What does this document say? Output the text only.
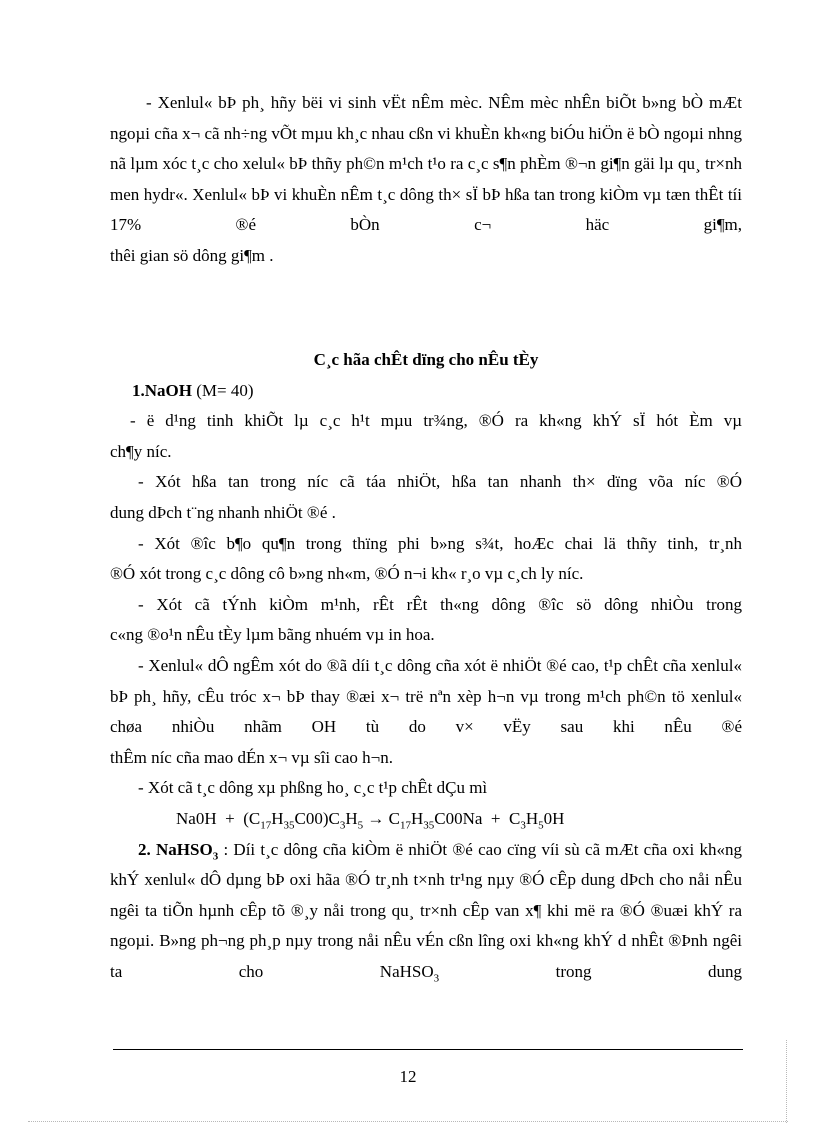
- Xenlul« bÞ ph¸ hñy bëi vi sinh vËt nÊm mèc. NÊm mèc nhÊn biÕt b»ng bÒ mÆt ngoµi cña x¬ cã nh÷ng vÕt mµu kh¸c nhau cßn vi khuÈn kh«ng biÓu hiÖn ë bÒ ngoµi nhng nã lµm xóc t¸c cho xelul« bÞ thñy ph©n m¹ch t¹o ra c¸c s¶n phÈm ®¬n gi¶n gäi lµ qu¸ tr×nh men hydr«. Xenlul« bÞ vi khuÈn nÊm t¸c dông th× sÏ bÞ hßa tan trong kiÒm vµ tæn thÊt tíi 17% ®é bÒn c¬ häc gi¶m,

thêi gian sö dông gi¶m .

C¸c hãa chÊt dïng cho nÊu tÈy

1.NaOH (M= 40)

- ë d¹ng tinh khiÕt lµ c¸c h¹t mµu tr¾ng, ®Ó ra kh«ng khÝ sÏ hót Èm vµ

ch¶y níc.

- Xót hßa tan trong níc cã táa nhiÖt, hßa tan nhanh th× dïng võa níc ®Ó

dung dÞch t¨ng nhanh nhiÖt ®é .

- Xót ®îc b¶o qu¶n trong thïng phi b»ng s¾t, hoÆc chai lä thñy tinh, tr¸nh

®Ó xót trong c¸c dông cô b»ng nh«m, ®Ó n¬i kh« r¸o vµ c¸ch ly níc.

- Xót cã tÝnh kiÒm m¹nh, rÊt rÊt th«ng dông ®îc sö dông nhiÒu trong

c«ng ®o¹n nÊu tÈy lµm bãng nhuém vµ in hoa.

- Xenlul« dÔ ngÊm xót do ®ã díi t¸c dông cña xót ë nhiÖt ®é cao, t¹p chÊt cña xenlul« bÞ ph¸ hñy, cÊu tróc x¬ bÞ thay ®æi x¬ trë nªn xèp h¬n vµ trong m¹ch ph©n tö xenlul« chøa nhiÒu nhãm OH tù do v× vËy sau khi nÊu ®é

thÊm níc cña mao dÉn x¬ vµ sîi cao h¬n.

- Xót cã t¸c dông xµ phßng ho¸ c¸c t¹p chÊt dÇu mì

$Na0H + (C_{17}H_{35}C00)C_3H_5 \to C_{17}H_{35}C00Na + C_3H_50H$

2. NaHSO$_3$ : Díi t¸c dông cña kiÒm ë nhiÖt ®é cao cïng víi sù cã mÆt cña oxi kh«ng khÝ xenlul« dÔ dµng bÞ oxi hãa ®Ó tr¸nh t×nh tr¹ng nµy ®Ó cÊp dung dÞch cho nåi nÊu ngêi ta tiÕn hµnh cÊp tõ ®¸y nåi trong qu¸ tr×nh cÊp van x¶ khi më ra ®Ó ®uæi khÝ ra ngoµi. B»ng ph¬ng ph¸p nµy trong nåi nÊu vÉn cßn lîng oxi kh«ng khÝ d nhÊt ®Þnh ngêi ta cho NaHSO$_3$ trong dung

12
